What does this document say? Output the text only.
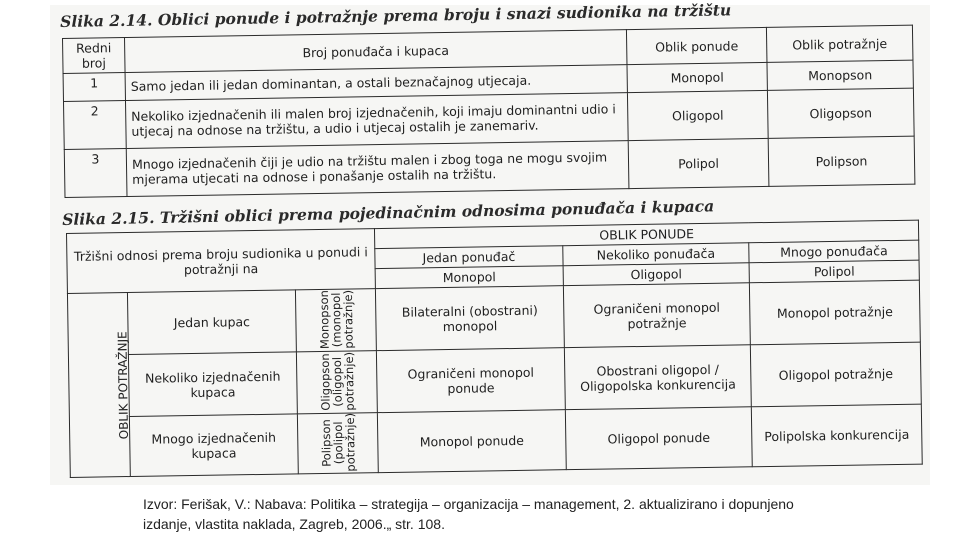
Slika 2.14. Oblici ponude i potražnje prema broju i snazi sudionika na tržištu
Redni broj	Broj ponuđača i kupaca	Oblik ponude	Oblik potražnje
1	Samo jedan ili jedan dominantan, a ostali beznačajnog utjecaja.	Monopol	Monopson
2	Nekoliko izjednačenih ili malen broj izjednačenih, koji imaju dominantni udio i utjecaj na odnose na tržištu, a udio i utjecaj ostalih je zanemariv.	Oligopol	Oligopson
3	Mnogo izjednačenih čiji je udio na tržištu malen i zbog toga ne mogu svojim mjerama utjecati na odnose i ponašanje ostalih na tržištu.	Polipol	Polipson
Slika 2.15. Tržišni oblici prema pojedinačnim odnosima ponuđača i kupaca
Tržišni odnosi prema broju sudionika u ponudi i potražnji na			OBLIK PONUDE		
			Jedan ponuđač	Nekoliko ponuđača	Mnogo ponuđača
			Monopol	Oligopol	Polipol
OBLIK POTRAŽNJE	Jedan kupac	Monopson (monopol potražnje)	Bilateralni (obostrani) monopol	Ograničeni monopol potražnje	Monopol potražnje
	Nekoliko izjednačenih kupaca	Oligopson (oligopol potražnje)	Ograničeni monopol ponude	Obostrani oligopol / Oligopolska konkurencija	Oligopol potražnje
	Mnogo izjednačenih kupaca	Polipson (polipol potražnje)	Monopol ponude	Oligopol ponude	Polipolska konkurencija
Izvor: Ferišak, V.: Nabava: Politika – strategija – organizacija – management, 2. aktualizirano i dopunjeno izdanje, vlastita naklada, Zagreb, 2006.„ str. 108.
